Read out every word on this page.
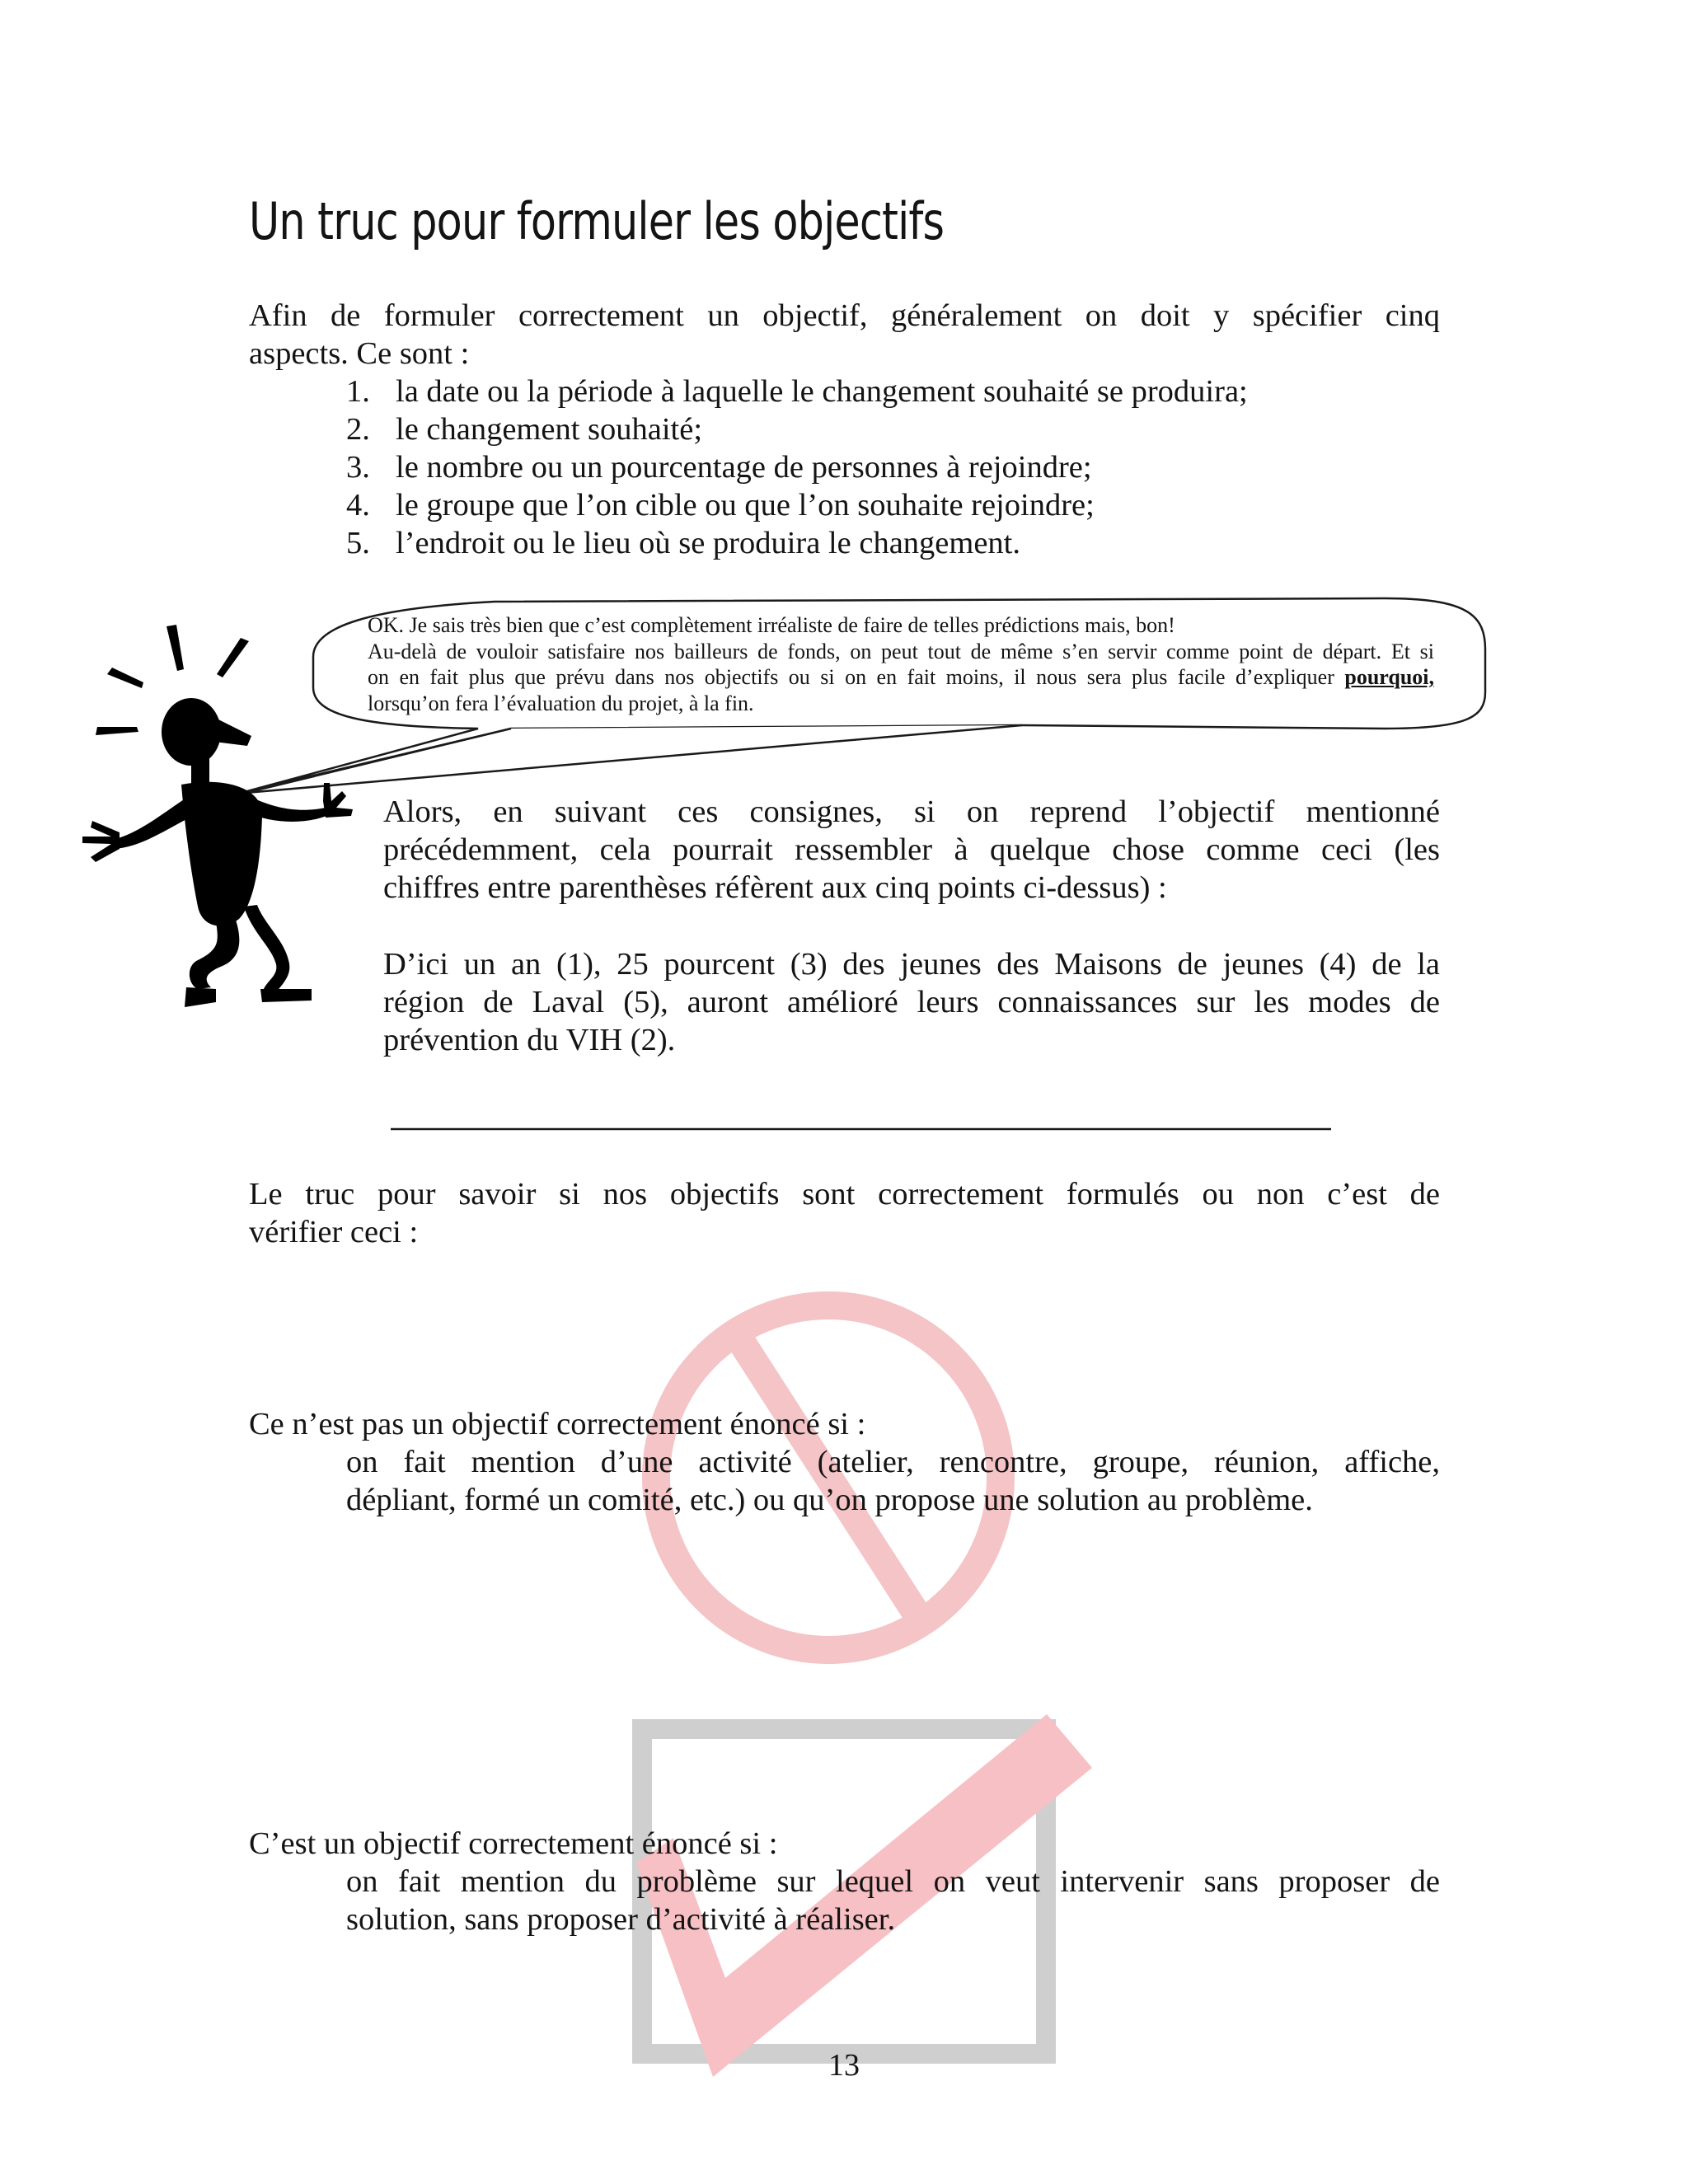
Un truc pour formuler les objectifs
Afin de formuler correctement un objectif, généralement on doit y spécifier cinq
aspects. Ce sont :
1. la date ou la période à laquelle le changement souhaité se produira;
2. le changement souhaité;
3. le nombre ou un pourcentage de personnes à rejoindre;
4. le groupe que l’on cible ou que l’on souhaite rejoindre;
5. l’endroit ou le lieu où se produira le changement.
OK. Je sais très bien que c’est complètement irréaliste de faire de telles prédictions mais, bon!
Au-delà de vouloir satisfaire nos bailleurs de fonds, on peut tout de même s’en servir comme point de départ. Et si
on en fait plus que prévu dans nos objectifs ou si on en fait moins, il nous sera plus facile d’expliquer pourquoi,
lorsqu’on fera l’évaluation du projet, à la fin.
Alors, en suivant ces consignes, si on reprend l’objectif mentionné
précédemment, cela pourrait ressembler à quelque chose comme ceci (les
chiffres entre parenthèses réfèrent aux cinq points ci-dessus) :
D’ici un an (1), 25 pourcent (3) des jeunes des Maisons de jeunes (4) de la
région de Laval (5), auront amélioré leurs connaissances sur les modes de
prévention du VIH (2).
Le truc pour savoir si nos objectifs sont correctement formulés ou non c’est de
vérifier ceci :
Ce n’est pas un objectif correctement énoncé si :
on fait mention d’une activité (atelier, rencontre, groupe, réunion, affiche,
dépliant, formé un comité, etc.) ou qu’on propose une solution au problème.
C’est un objectif correctement énoncé si :
on fait mention du problème sur lequel on veut intervenir sans proposer de
solution, sans proposer d’activité à réaliser.
13
